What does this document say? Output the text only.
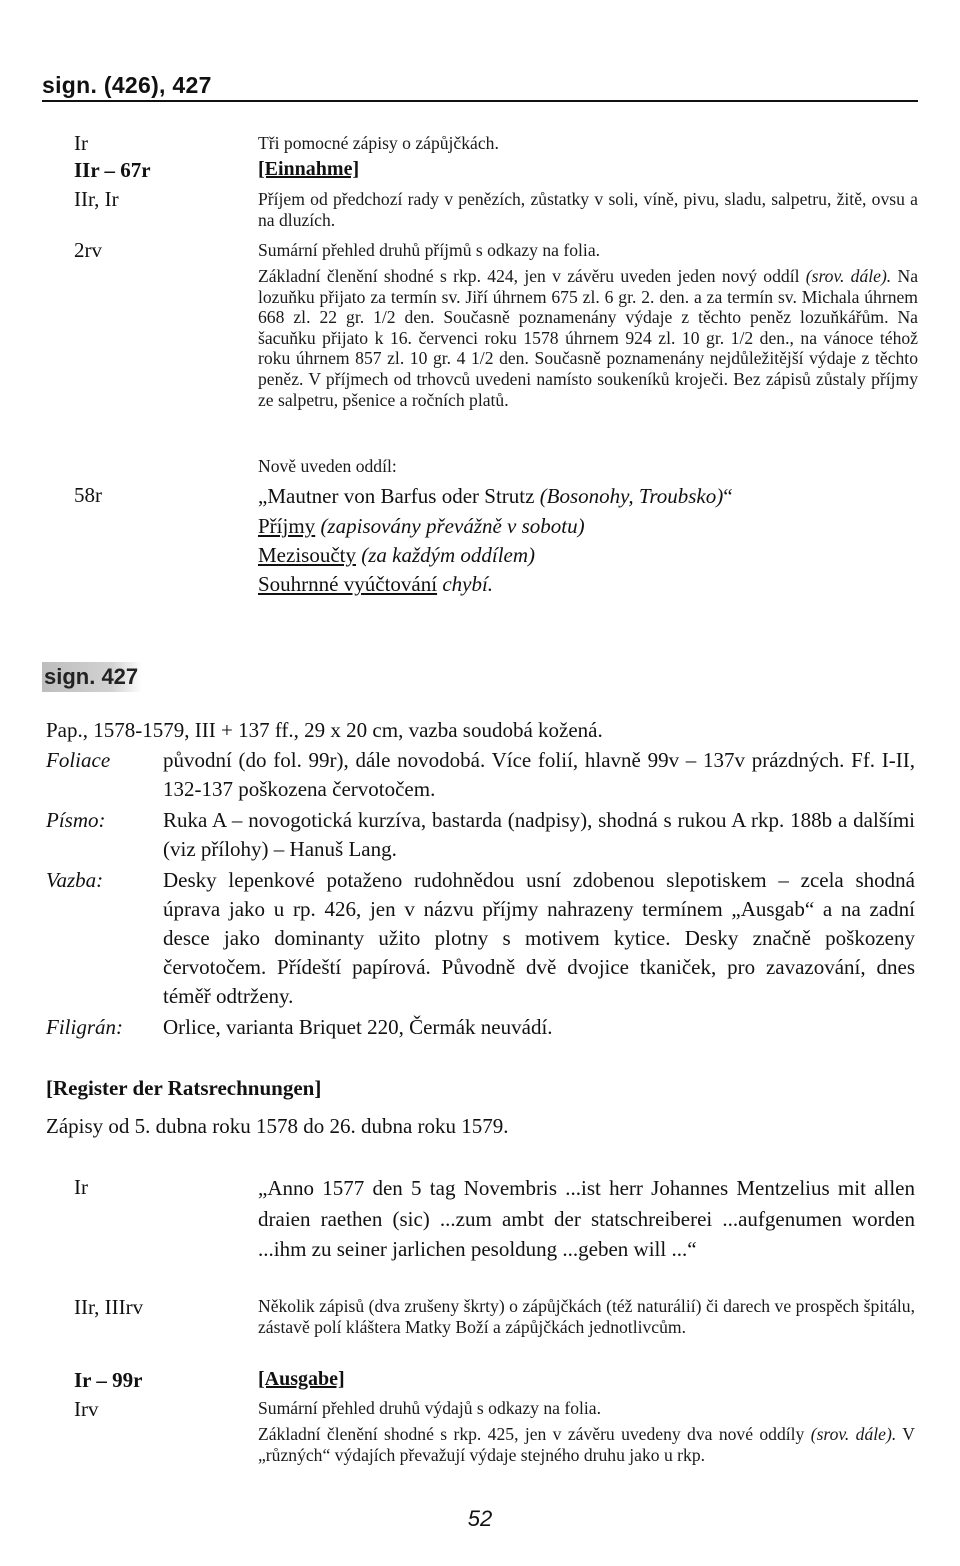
sign. (426), 427
Ir	Tři pomocné zápisy o zápůjčkách.
IIr – 67r	[Einnahme]
IIr, Ir	Příjem od předchozí rady v penězích, zůstatky v soli, víně, pivu, sladu, salpetru, žitě, ovsu a na dluzích.
2rv	Sumární přehled druhů příjmů s odkazy na folia.
Základní členění shodné s rkp. 424, jen v závěru uveden jeden nový oddíl (srov. dále). Na lozuňku přijato za termín sv. Jiří úhrnem 675 zl. 6 gr. 2. den. a za termín sv. Michala úhrnem 668 zl. 22 gr. 1/2 den. Současně poznamenány výdaje z těchto peněz lozuňkářům. Na šacuňku přijato k 16. červenci roku 1578 úhrnem 924 zl. 10 gr. 1/2 den., na vánoce téhož roku úhrnem 857 zl. 10 gr. 4 1/2 den. Současně poznamenány nejdůležitější výdaje z těchto peněz. V příjmech od trhovců uvedeni namísto soukeníků kroječi. Bez zápisů zůstaly příjmy ze salpetru, pšenice a ročních platů.
Nově uveden oddíl:
58r	„Mautner von Barfus oder Strutz (Bosonohy, Troubsko)“
Příjmy (zapisovány převážně v sobotu)
Mezisoučty (za každým oddílem)
Souhrnné vyúčtování chybí.
sign. 427
Pap., 1578-1579, III + 137 ff., 29 x 20 cm, vazba soudobá kožená.
Foliace	původní (do fol. 99r), dále novodobá. Více folií, hlavně 99v – 137v prázdných. Ff. I-II, 132-137 poškozena červotočem.
Písmo:	Ruka A – novogotická kurzíva, bastarda (nadpisy), shodná s rukou A rkp. 188b a dalšími (viz přílohy) – Hanuš Lang.
Vazba:	Desky lepenkové potaženo rudohnědou usní zdobenou slepotiskem – zcela shodná úprava jako u rp. 426, jen v názvu příjmy nahrazeny termínem „Ausgab“ a na zadní desce jako dominanty užito plotny s motivem kytice. Desky značně poškozeny červotočem. Přídeští papírová. Původně dvě dvojice tkaniček, pro zavazování, dnes téměř odtrženy.
Filigrán: Orlice, varianta Briquet 220, Čermák neuvádí.
[Register der Ratsrechnungen]
Zápisy od 5. dubna roku 1578 do 26. dubna roku 1579.
Ir	„Anno 1577 den 5 tag Novembris ...ist herr Johannes Mentzelius mit allen draien raethen (sic) ...zum ambt der statschreiberei ...aufgenumen worden ...ihm zu seiner jarlichen pesoldung ...geben will ...“
IIr, IIIrv	Několik zápisů (dva zrušeny škrty) o zápůjčkách (též naturálií) či darech ve prospěch špitálu, zástavě polí kláštera Matky Boží a zápůjčkách jednotlivcům.
Ir – 99r	[Ausgabe]
Irv	Sumární přehled druhů výdajů s odkazy na folia.
Základní členění shodné s rkp. 425, jen v závěru uvedeny dva nové oddíly (srov. dále). V „různých“ výdajích převažují výdaje stejného druhu jako u rkp.
52
